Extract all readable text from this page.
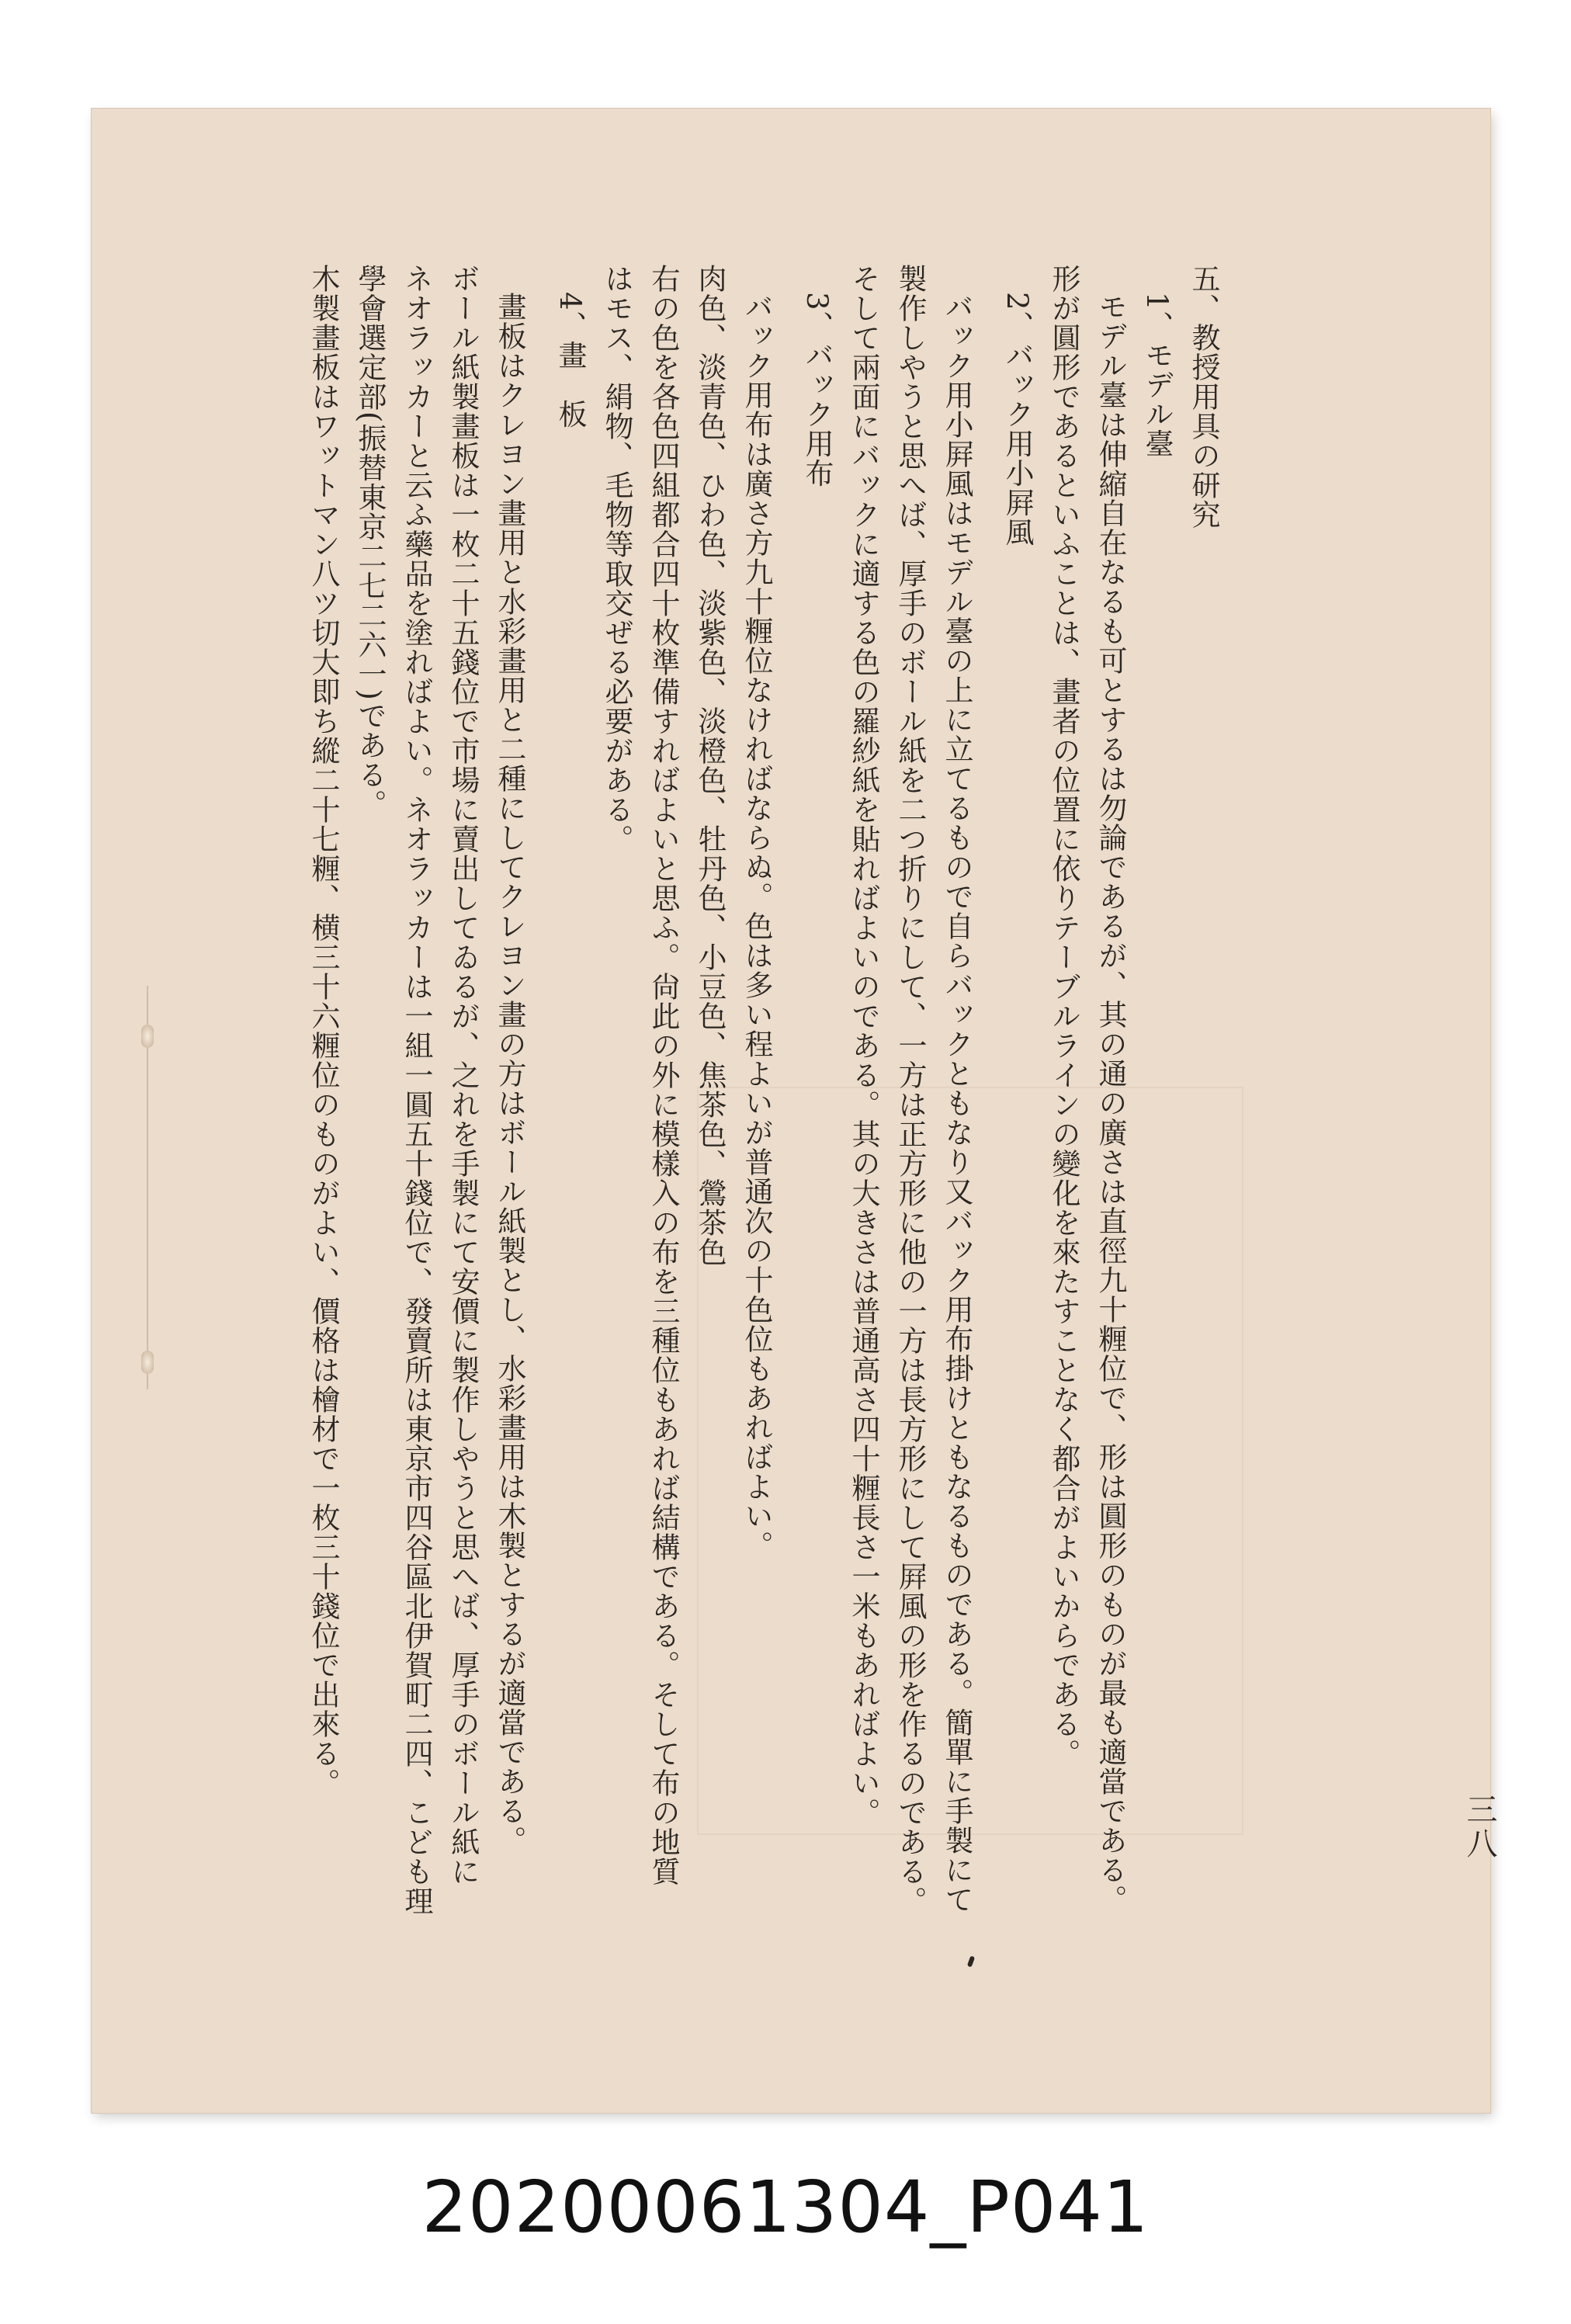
三八
五、教授用具の研究
1、モデル臺
モデル臺は伸縮自在なるも可とするは勿論であるが、其の通の廣さは直徑九十糎位で、形は圓形のものが最も適當である。
形が圓形であるといふことは、畫者の位置に依りテーブルラインの變化を來たすことなく都合がよいからである。
2、バック用小屛風
バック用小屛風はモデル臺の上に立てるもので自らバックともなり又バック用布掛けともなるものである。簡單に手製にて
製作しやうと思へば、厚手のボール紙を二つ折りにして、一方は正方形に他の一方は長方形にして屛風の形を作るのである。
そして兩面にバックに適する色の羅紗紙を貼ればよいのである。其の大きさは普通高さ四十糎長さ一米もあればよい。
3、バック用布
バック用布は廣さ方九十糎位なければならぬ。色は多い程よいが普通次の十色位もあればよい。
肉色、淡青色、ひわ色、淡紫色、淡橙色、牡丹色、小豆色、焦茶色、鶯茶色
右の色を各色四組都合四十枚準備すればよいと思ふ。尙此の外に模樣入の布を三種位もあれば結構である。そして布の地質
はモス、絹物、毛物等取交ぜる必要がある。
4、畫　板
畫板はクレヨン畫用と水彩畫用と二種にしてクレヨン畫の方はボール紙製とし、水彩畫用は木製とするが適當である。
ボール紙製畫板は一枚二十五錢位で市場に賣出してゐるが、之れを手製にて安價に製作しやうと思へば、厚手のボール紙に
ネオラッカーと云ふ藥品を塗ればよい。ネオラッカーは一組一圓五十錢位で、發賣所は東京市四谷區北伊賀町二四、こども理
學會選定部(振替東京二七二六一)である。
木製畫板はワットマン八ツ切大即ち縱二十七糎、横三十六糎位のものがよい、價格は檜材で一枚三十錢位で出來る。
20200061304_P041
